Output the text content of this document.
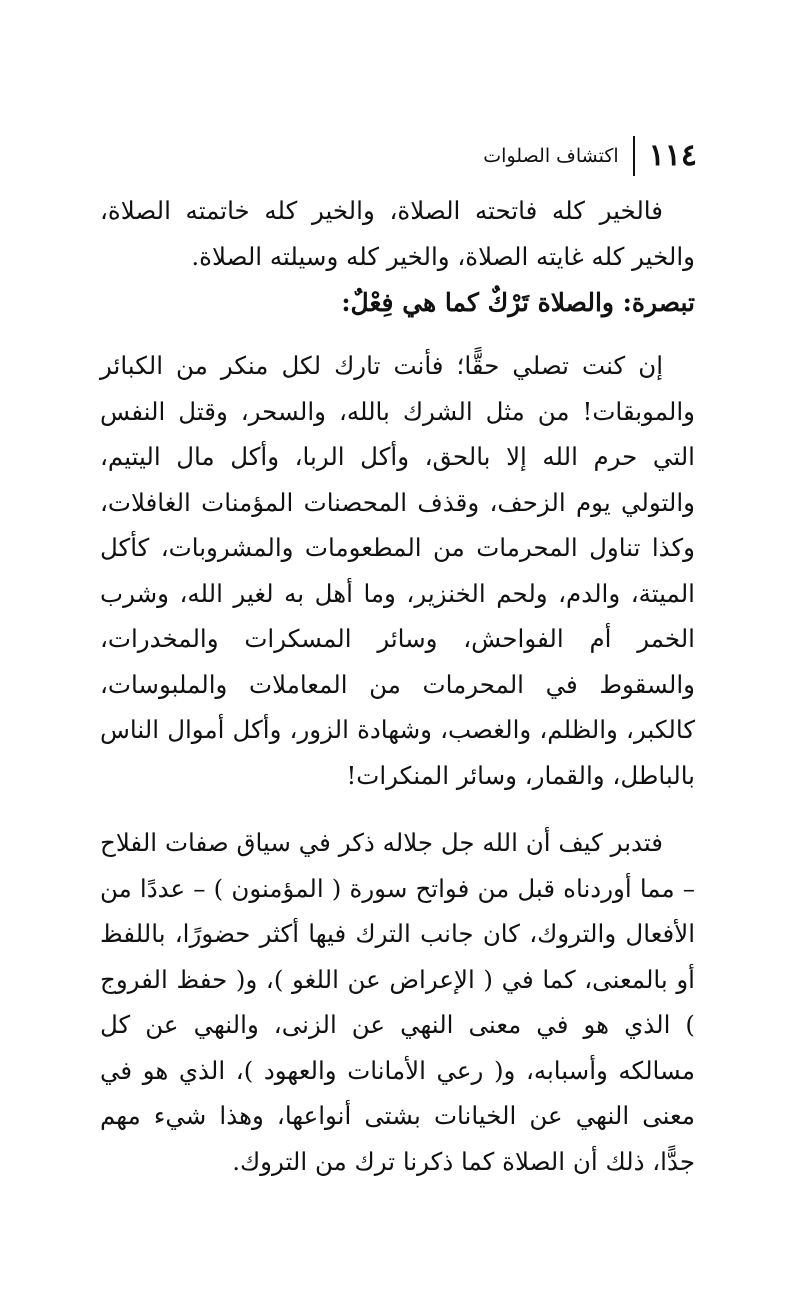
١١٤
اكتشاف الصلوات

فالخير كله فاتحته الصلاة، والخير كله خاتمته الصلاة، والخير كله غايته الصلاة، والخير كله وسيلته الصلاة.

تبصرة: والصلاة تَرْكٌ كما هي فِعْلٌ:

إن كنت تصلي حقًّا؛ فأنت تارك لكل منكر من الكبائر والموبقات! من مثل الشرك بالله، والسحر، وقتل النفس التي حرم الله إلا بالحق، وأكل الربا، وأكل مال اليتيم، والتولي يوم الزحف، وقذف المحصنات المؤمنات الغافلات، وكذا تناول المحرمات من المطعومات والمشروبات، كأكل الميتة، والدم، ولحم الخنزير، وما أهل به لغير الله، وشرب الخمر أم الفواحش، وسائر المسكرات والمخدرات، والسقوط في المحرمات من المعاملات والملبوسات، كالكبر، والظلم، والغصب، وشهادة الزور، وأكل أموال الناس بالباطل، والقمار، وسائر المنكرات!

فتدبر كيف أن الله جل جلاله ذكر في سياق صفات الفلاح – مما أوردناه قبل من فواتح سورة ( المؤمنون ) – عددًا من الأفعال والتروك، كان جانب الترك فيها أكثر حضورًا، باللفظ أو بالمعنى، كما في ( الإعراض عن اللغو )، و( حفظ الفروج ) الذي هو في معنى النهي عن الزنى، والنهي عن كل مسالكه وأسبابه، و( رعي الأمانات والعهود )، الذي هو في معنى النهي عن الخيانات بشتى أنواعها، وهذا شيء مهم جدًّا، ذلك أن الصلاة كما ذكرنا ترك من التروك.
